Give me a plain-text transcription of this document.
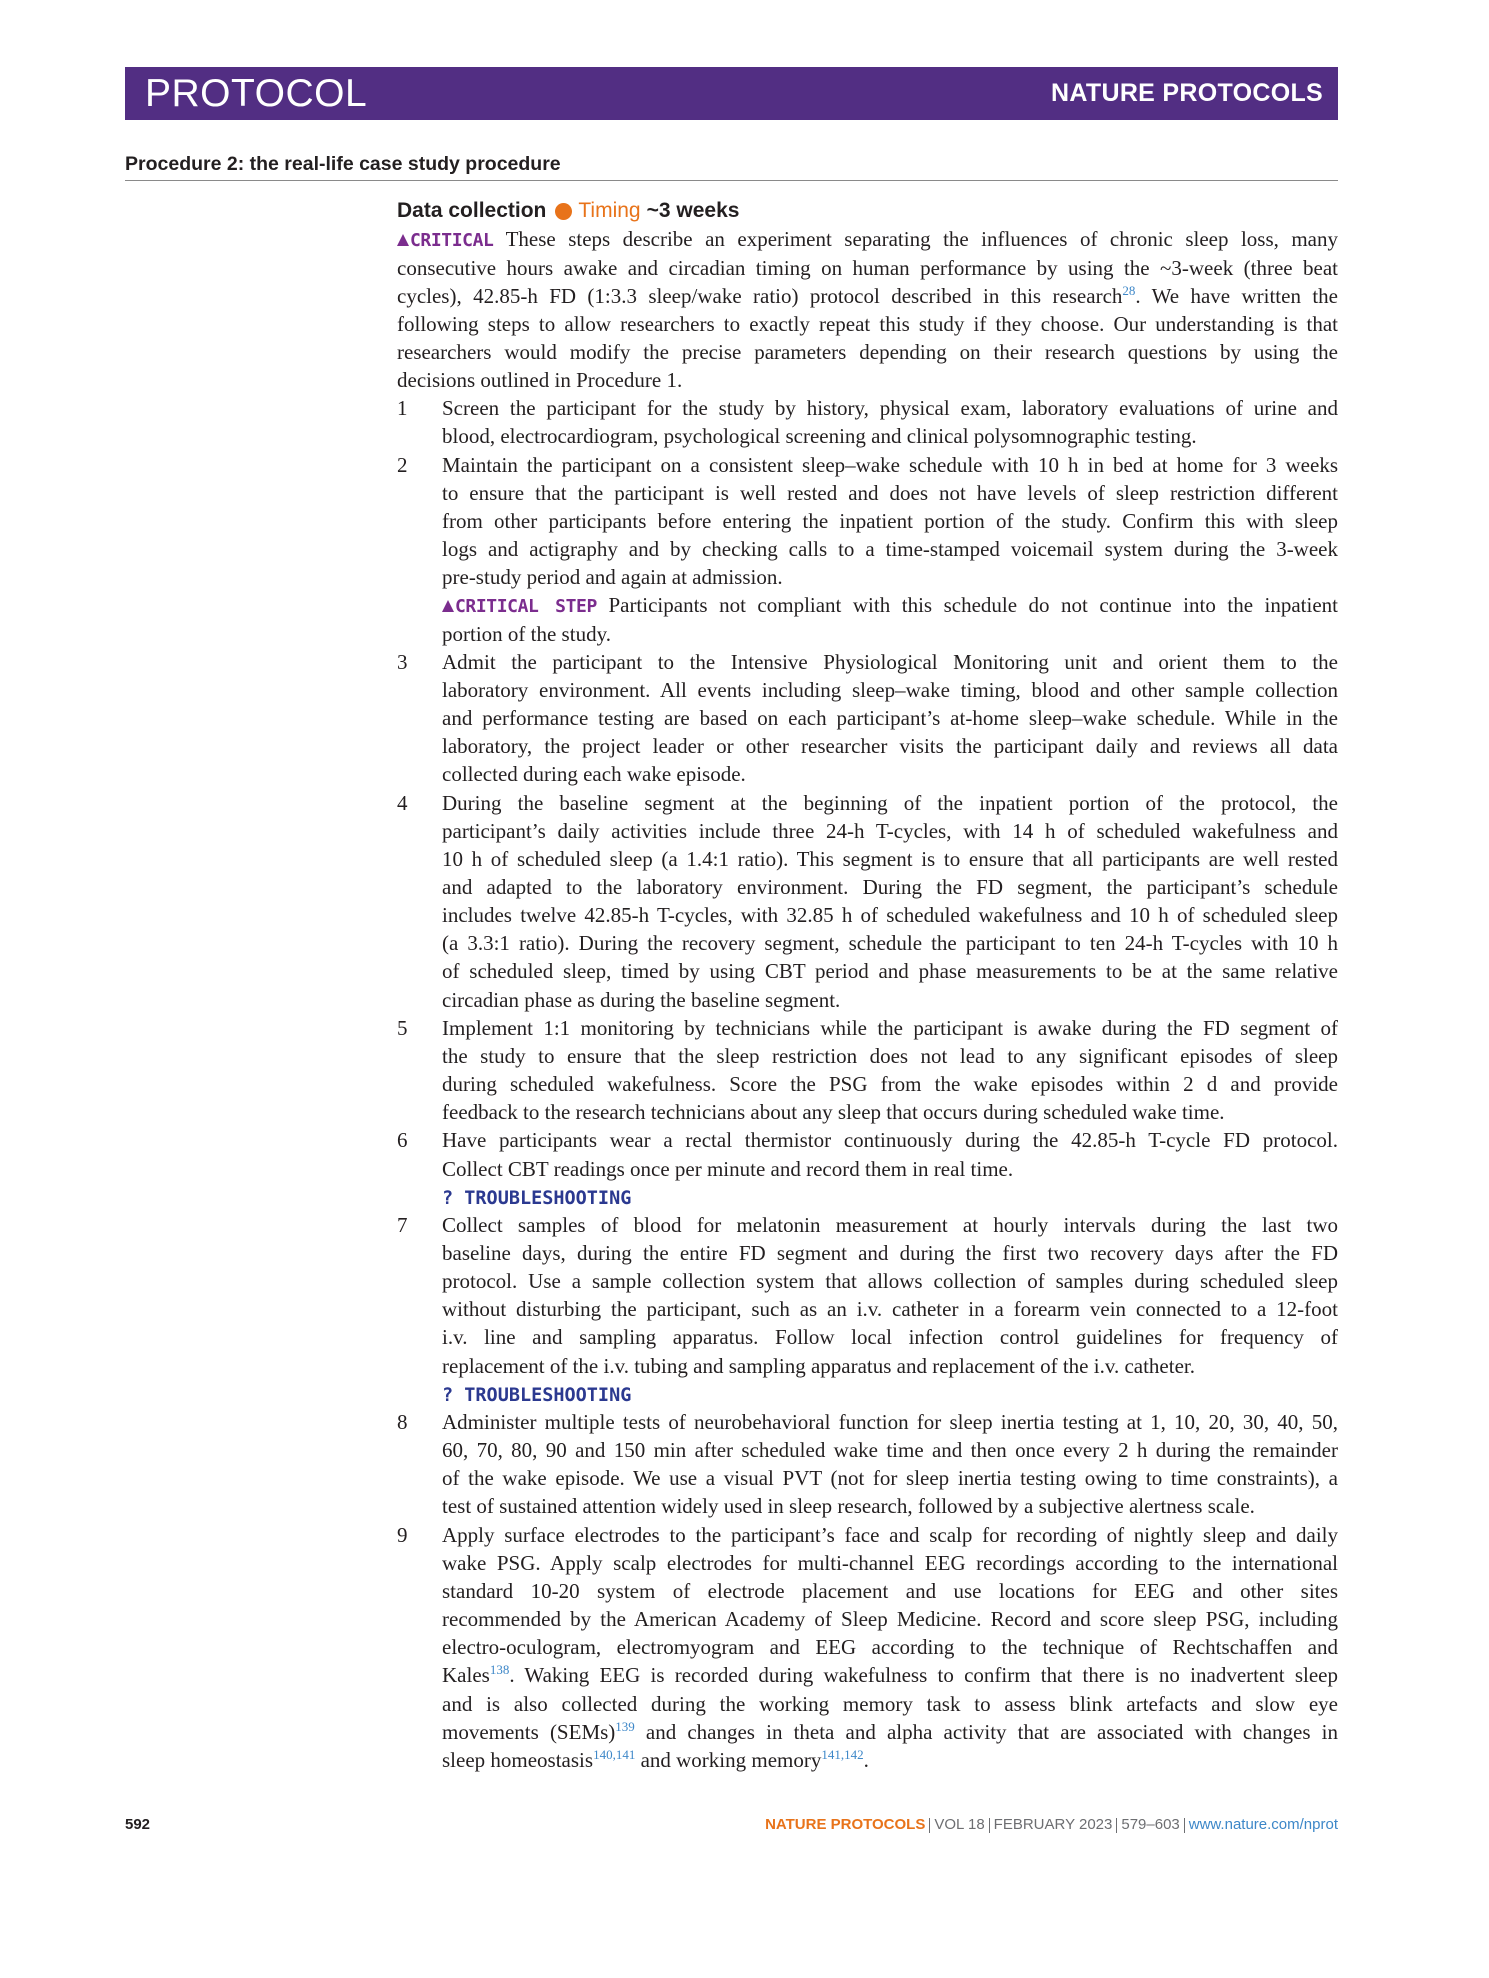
PROTOCOL	NATURE PROTOCOLS
Procedure 2: the real-life case study procedure
Data collection Timing ~3 weeks
CRITICAL These steps describe an experiment separating the influences of chronic sleep loss, many
consecutive hours awake and circadian timing on human performance by using the ~3-week (three beat
cycles), 42.85-h FD (1:3.3 sleep/wake ratio) protocol described in this research$^{28}$. We have written the
following steps to allow researchers to exactly repeat this study if they choose. Our understanding is that
researchers would modify the precise parameters depending on their research questions by using the
decisions outlined in Procedure 1.
1 Screen the participant for the study by history, physical exam, laboratory evaluations of urine and
blood, electrocardiogram, psychological screening and clinical polysomnographic testing.
2 Maintain the participant on a consistent sleep–wake schedule with 10 h in bed at home for 3 weeks
to ensure that the participant is well rested and does not have levels of sleep restriction different
from other participants before entering the inpatient portion of the study. Confirm this with sleep
logs and actigraphy and by checking calls to a time-stamped voicemail system during the 3-week
pre-study period and again at admission.
CRITICAL STEP Participants not compliant with this schedule do not continue into the inpatient
portion of the study.
3 Admit the participant to the Intensive Physiological Monitoring unit and orient them to the
laboratory environment. All events including sleep–wake timing, blood and other sample collection
and performance testing are based on each participant’s at-home sleep–wake schedule. While in the
laboratory, the project leader or other researcher visits the participant daily and reviews all data
collected during each wake episode.
4 During the baseline segment at the beginning of the inpatient portion of the protocol, the
participant’s daily activities include three 24-h T-cycles, with 14 h of scheduled wakefulness and
10 h of scheduled sleep (a 1.4:1 ratio). This segment is to ensure that all participants are well rested
and adapted to the laboratory environment. During the FD segment, the participant’s schedule
includes twelve 42.85-h T-cycles, with 32.85 h of scheduled wakefulness and 10 h of scheduled sleep
(a 3.3:1 ratio). During the recovery segment, schedule the participant to ten 24-h T-cycles with 10 h
of scheduled sleep, timed by using CBT period and phase measurements to be at the same relative
circadian phase as during the baseline segment.
5 Implement 1:1 monitoring by technicians while the participant is awake during the FD segment of
the study to ensure that the sleep restriction does not lead to any significant episodes of sleep
during scheduled wakefulness. Score the PSG from the wake episodes within 2 d and provide
feedback to the research technicians about any sleep that occurs during scheduled wake time.
6 Have participants wear a rectal thermistor continuously during the 42.85-h T-cycle FD protocol.
Collect CBT readings once per minute and record them in real time.
? TROUBLESHOOTING
7 Collect samples of blood for melatonin measurement at hourly intervals during the last two
baseline days, during the entire FD segment and during the first two recovery days after the FD
protocol. Use a sample collection system that allows collection of samples during scheduled sleep
without disturbing the participant, such as an i.v. catheter in a forearm vein connected to a 12-foot
i.v. line and sampling apparatus. Follow local infection control guidelines for frequency of
replacement of the i.v. tubing and sampling apparatus and replacement of the i.v. catheter.
? TROUBLESHOOTING
8 Administer multiple tests of neurobehavioral function for sleep inertia testing at 1, 10, 20, 30, 40, 50,
60, 70, 80, 90 and 150 min after scheduled wake time and then once every 2 h during the remainder
of the wake episode. We use a visual PVT (not for sleep inertia testing owing to time constraints), a
test of sustained attention widely used in sleep research, followed by a subjective alertness scale.
9 Apply surface electrodes to the participant’s face and scalp for recording of nightly sleep and daily
wake PSG. Apply scalp electrodes for multi-channel EEG recordings according to the international
standard 10-20 system of electrode placement and use locations for EEG and other sites
recommended by the American Academy of Sleep Medicine. Record and score sleep PSG, including
electro-oculogram, electromyogram and EEG according to the technique of Rechtschaffen and
Kales$^{138}$. Waking EEG is recorded during wakefulness to confirm that there is no inadvertent sleep
and is also collected during the working memory task to assess blink artefacts and slow eye
movements (SEMs)$^{139}$ and changes in theta and alpha activity that are associated with changes in
sleep homeostasis$^{140,141}$ and working memory$^{141,142}$.
592	NATURE PROTOCOLS VOL 18 FEBRUARY 2023 579–603 www.nature.com/nprot
